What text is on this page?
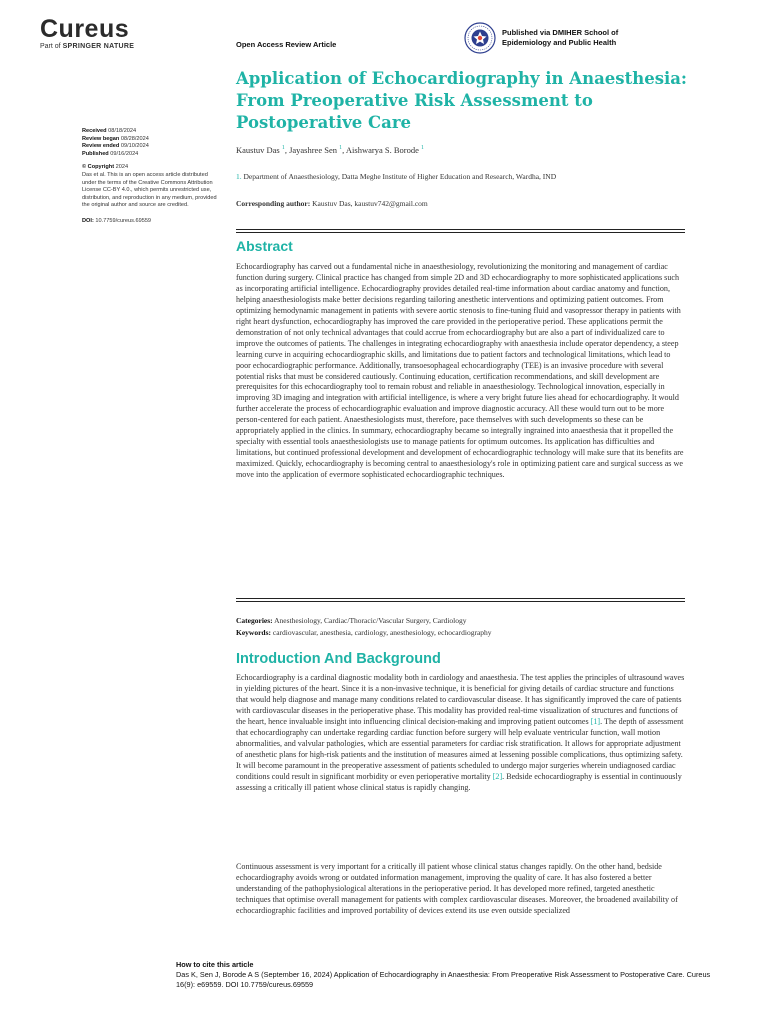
Cureus
Part of SPRINGER NATURE	Open Access Review Article
Published via DMIHER School of
Epidemiology and Public Health
Application of Echocardiography in Anaesthesia: From Preoperative Risk Assessment to Postoperative Care
Kaustuv Das $^1$, Jayashree Sen $^1$, Aishwarya S. Borode $^1$
1. Department of Anaesthesiology, Datta Meghe Institute of Higher Education and Research, Wardha, IND
Corresponding author: Kaustuv Das, kaustuv742@gmail.com
Received 08/18/2024
Review began 08/28/2024
Review ended 09/10/2024
Published 09/16/2024
© Copyright 2024
Das et al. This is an open access article distributed under the terms of the Creative Commons Attribution License CC-BY 4.0., which permits unrestricted use, distribution, and reproduction in any medium, provided the original author and source are credited.
DOI: 10.7759/cureus.69559
Abstract

Echocardiography has carved out a fundamental niche in anaesthesiology, revolutionizing the monitoring and management of cardiac function during surgery. Clinical practice has changed from simple 2D and 3D echocardiography to more sophisticated applications such as incorporating artificial intelligence. Echocardiography provides detailed real-time information about cardiac anatomy and function, helping anaesthesiologists make better decisions regarding tailoring anesthetic interventions and optimizing patient outcomes. From optimizing hemodynamic management in patients with severe aortic stenosis to fine-tuning fluid and vasopressor therapy in patients with right heart dysfunction, echocardiography has improved the care provided in the perioperative period. These applications permit the demonstration of not only technical advantages that could accrue from echocardiography but are also a part of individualized care to improve the outcomes of patients. The challenges in integrating echocardiography with anaesthesia include operator dependency, a steep learning curve in acquiring echocardiographic skills, and limitations due to patient factors and technological limitations, which lead to poor echocardiographic performance. Additionally, transoesophageal echocardiography (TEE) is an invasive procedure with several potential risks that must be considered cautiously. Continuing education, certification recommendations, and skill development are prerequisites for this echocardiography tool to remain robust and reliable in anaesthesiology. Technological innovation, especially in improving 3D imaging and integration with artificial intelligence, is where a very bright future lies ahead for echocardiography. It would further accelerate the process of echocardiographic evaluation and improve diagnostic accuracy. All these would turn out to be more person-centered for each patient. Anaesthesiologists must, therefore, pace themselves with such developments so these can be appropriately applied in the clinics. In summary, echocardiography became so integrally ingrained into anaesthesia that it propelled the specialty with essential tools anaesthesiologists use to manage patients for optimum outcomes. Its application has difficulties and limitations, but continued professional development and development of echocardiographic technology will make sure that its benefits are maximized. Quickly, echocardiography is becoming central to anaesthesiology's role in optimizing patient care and surgical success as we move into the application of evermore sophisticated echocardiographic techniques.

Categories: Anesthesiology, Cardiac/Thoracic/Vascular Surgery, Cardiology
Keywords: cardiovascular, anesthesia, cardiology, anesthesiology, echocardiography
Introduction And Background

Echocardiography is a cardinal diagnostic modality both in cardiology and anaesthesia. The test applies the principles of ultrasound waves in yielding pictures of the heart. Since it is a non-invasive technique, it is beneficial for giving details of cardiac structure and functions that would help diagnose and manage many conditions related to cardiovascular disease. It has significantly improved the care of patients with cardiovascular diseases in the perioperative phase. This modality has provided real-time visualization of structures and functions of the heart, hence invaluable insight into influencing clinical decision-making and improving patient outcomes [1]. The depth of assessment that echocardiography can undertake regarding cardiac function before surgery will help evaluate ventricular function, wall motion abnormalities, and valvular pathologies, which are essential parameters for cardiac risk stratification. It allows for appropriate adjustment of anesthetic plans for high-risk patients and the institution of measures aimed at lessening possible complications, thus optimizing safety. It will become paramount in the preoperative assessment of patients scheduled to undergo major surgeries wherein undiagnosed cardiac conditions could result in significant morbidity or even perioperative mortality [2]. Bedside echocardiography is essential in continuously assessing a critically ill patient whose clinical status is rapidly changing.

Continuous assessment is very important for a critically ill patient whose clinical status changes rapidly. On the other hand, bedside echocardiography avoids wrong or outdated information management, improving the quality of care. It has also fostered a better understanding of the pathophysiological alterations in the perioperative period. It has developed more refined, targeted anesthetic techniques that optimise overall management for patients with complex cardiovascular diseases. Moreover, the broadened availability of echocardiographic facilities and improved portability of devices extend its use even outside specialized

How to cite this article
Das K, Sen J, Borode A S (September 16, 2024) Application of Echocardiography in Anaesthesia: From Preoperative Risk Assessment to Postoperative Care. Cureus 16(9): e69559. DOI 10.7759/cureus.69559
